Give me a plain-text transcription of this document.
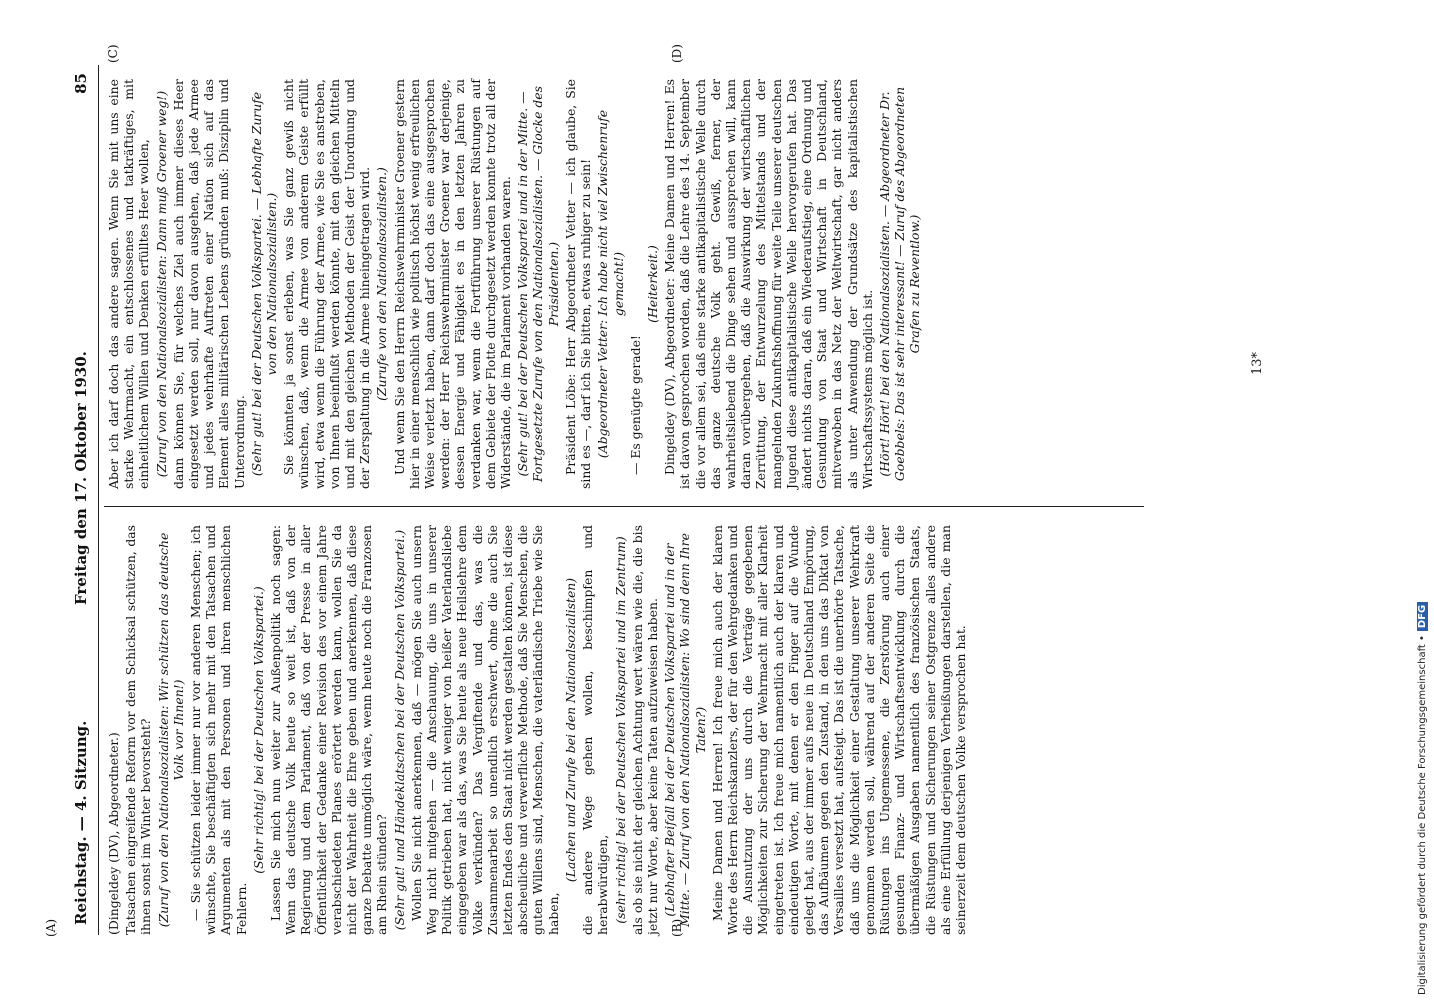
Reichstag. — 4. Sitzung.
Freitag den 17. Oktober 1930.
85
(A)	(B)
(C)	(D)

(Dingeldey (DV), Abgeordneter.) Tatsachen eingreifende Reform vor dem Schicksal schützen, das ihnen sonst im Winter bevorsteht? (Zuruf von den Nationalsozialisten: Wir schützen das deutsche Volk vor Ihnen!) — Sie schützen leider immer nur vor anderen Menschen; ich wünschte, Sie beschäftigten sich mehr mit den Tatsachen und Argumenten als mit den Personen und ihren menschlichen Fehlern.

(Sehr richtig! bei der Deutschen Volkspartei.) Lassen Sie mich nun weiter zur Außenpolitik noch sagen: Wenn das deutsche Volk heute so weit ist, daß von der Regierung und dem Parlament, daß von der Presse in aller Öffentlichkeit der Gedanke einer Revision des vor einem Jahre verabschiedeten Planes erörtert werden kann, wollen Sie da nicht der Wahrheit die Ehre geben und anerkennen, daß diese ganze Debatte unmöglich wäre, wenn heute noch die Franzosen am Rhein stünden? (Sehr gut! und Händeklatschen bei der Deutschen Volkspartei.) Wollen Sie nicht anerkennen, daß — mögen Sie auch unsern Weg nicht mitgehen — die Anschauung, die uns in unserer Politik getrieben hat, nicht weniger von heißer Vaterlandsliebe eingegeben war als das, was Sie heute als neue Heilslehre dem Volke verkünden? Das Vergiftende und das, was die Zusammenarbeit so unendlich erschwert, ohne die auch Sie letzten Endes den Staat nicht werden gestalten können, ist diese abscheuliche und verwerfliche Methode, daß Sie Menschen, die guten Willens sind, Menschen, die vaterländische Triebe wie Sie haben,

(Lachen und Zurufe bei den Nationalsozialisten) die andere Wege gehen wollen, beschimpfen und herabwürdigen, (sehr richtig! bei der Deutschen Volkspartei und im Zentrum) als ob sie nicht der gleichen Achtung wert wären wie die, die bis jetzt nur Worte, aber keine Taten aufzuweisen haben. (Lebhafter Beifall bei der Deutschen Volkspartei und in der Mitte. — Zuruf von den Nationalsozialisten: Wo sind denn Ihre Taten?) Meine Damen und Herren! Ich freue mich auch der klaren Worte des Herrn Reichskanzlers, der für den Wehrgedanken und die Ausnutzung der uns durch die Verträge gegebenen Möglichkeiten zur Sicherung der Wehrmacht mit aller Klarheit eingetreten ist. Ich freue mich namentlich auch der klaren und eindeutigen Worte, mit denen er den Finger auf die Wunde gelegt hat, aus der immer aufs neue in Deutschland Empörung, das Aufbäumen gegen den Zustand, in den uns das Diktat von Versailles versetzt hat, aufsteigt. Das ist die unerhörte Tatsache, daß uns die Möglichkeit einer Gestaltung unserer Wehrkraft genommen werden soll, während auf der anderen Seite die Rüstungen ins Ungemessene, die Zerstörung auch einer gesunden Finanz- und Wirtschaftsentwicklung durch die übermäßigen Ausgaben namentlich des französischen Staats, die Rüstungen und Sicherungen seiner Ostgrenze alles andere als eine Erfüllung derjenigen Verheißungen darstellen, die man seinerzeit dem deutschen Volke versprochen hat.

Aber ich darf doch das andere sagen. Wenn Sie mit uns eine starke Wehrmacht, ein entschlossenes und tatkräftiges, mit einheitlichem Willen und Denken erfülltes Heer wollen, (Zuruf von den Nationalsozialisten: Dann muß Groener weg!) dann können Sie, für welches Ziel auch immer dieses Heer eingesetzt werden soll, nur davon ausgehen, daß jede Armee und jedes wehrhafte Auftreten einer Nation sich auf das Element alles militärischen Lebens gründen muß: Disziplin und Unterordnung. (Sehr gut! bei der Deutschen Volkspartei. — Lebhafte Zurufe von den Nationalsozialisten.) Sie könnten ja sonst erleben, was Sie ganz gewiß nicht wünschen, daß, wenn die Armee von anderem Geiste erfüllt wird, etwa wenn die Führung der Armee, wie Sie es anstreben, von Ihnen beeinflußt werden könnte, mit den gleichen Mitteln und mit den gleichen Methoden der Geist der Unordnung und der Zerspaltung in die Armee hineingetragen wird. (Zurufe von den Nationalsozialisten.) Und wenn Sie den Herrn Reichswehrminister Groener gestern hier in einer menschlich wie politisch höchst wenig erfreulichen Weise verletzt haben, dann darf doch das eine ausgesprochen werden: der Herr Reichswehrminister Groener war derjenige, dessen Energie und Fähigkeit es in den letzten Jahren zu verdanken war, wenn die Fortführung unserer Rüstungen auf dem Gebiete der Flotte durchgesetzt werden konnte trotz all der Widerstände, die im Parlament vorhanden waren. (Sehr gut! bei der Deutschen Volkspartei und in der Mitte. — Fortgesetzte Zurufe von den Nationalsozialisten. — Glocke des Präsidenten.) Präsident Löbe: Herr Abgeordneter Vetter — ich glaube, Sie sind es —, darf ich Sie bitten, etwas ruhiger zu sein! (Abgeordneter Vetter: Ich habe nicht viel Zwischenrufe gemacht!)

— Es genügte gerade!

(Heiterkeit.) Dingeldey (DV), Abgeordneter: Meine Damen und Herren! Es ist davon gesprochen worden, daß die Lehre des 14. September die vor allem sei, daß eine starke antikapitalistische Welle durch das ganze deutsche Volk geht. Gewiß, ferner, der wahrheitsliebend die Dinge sehen und aussprechen will, kann daran vorübergehen, daß die Auswirkung der wirtschaftlichen Zerrüttung, der Entwurzelung des Mittelstands und der mangelnden Zukunftshoffnung für weite Teile unserer deutschen Jugend diese antikapitalistische Welle hervorgerufen hat. Das ändert nichts daran, daß ein Wiederaufstieg, eine Ordnung und Gesundung von Staat und Wirtschaft in Deutschland, mitverwoben in das Netz der Weltwirtschaft, gar nicht anders als unter Anwendung der Grundsätze des kapitalistischen Wirtschaftssystems möglich ist. (Hört! Hört! bei den Nationalsozialisten. — Abgeordneter Dr. Goebbels: Das ist sehr interessant! — Zuruf des Abgeordneten Grafen zu Reventlow.)

13*
Digitalisierung gefördert durch die Deutsche Forschungsgemeinschaft •DFG
